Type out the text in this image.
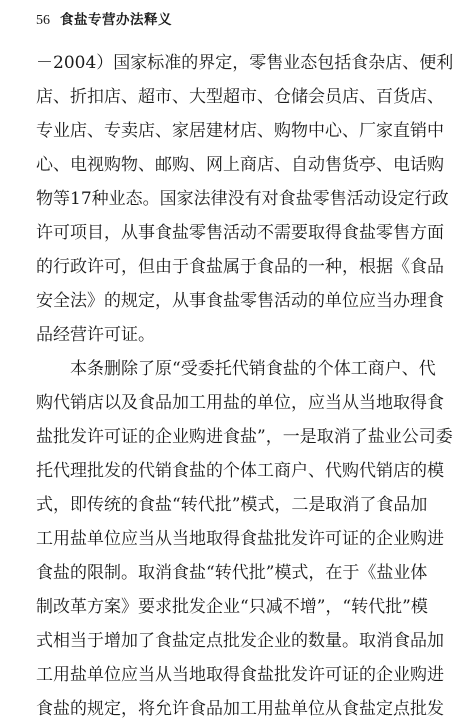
56 食盐专营办法释义
－ 2004 ） 国 家 标 准 的 界 定 ， 零 售 业 态 包 括 食 杂 店 、 便 利
店 、 折 扣 店 、 超 市 、 大 型 超 市 、 仓 储 会 员 店 、 百 货 店 、
专 业 店 、 专 卖 店 、 家 居 建 材 店 、 购 物 中 心 、 厂 家 直 销 中
心 、 电 视 购 物 、 邮 购 、 网 上 商 店 、 自 动 售 货 亭 、 电 话 购
物 等 17 种 业 态 。 国 家 法 律 没 有 对 食 盐 零 售 活 动 设 定 行 政
许 可 项 目 ， 从 事 食 盐 零 售 活 动 不 需 要 取 得 食 盐 零 售 方 面
的 行 政 许 可 ， 但 由 于 食 盐 属 于 食 品 的 一 种 ， 根 据 《 食 品
安 全 法 》 的 规 定 ， 从 事 食 盐 零 售 活 动 的 单 位 应 当 办 理 食
品经营许可证。

本 条 删 除 了 原 “ 受 委 托 代 销 食 盐 的 个 体 工 商 户 、 代
购 代 销 店 以 及 食 品 加 工 用 盐 的 单 位 ， 应 当 从 当 地 取 得 食
盐 批 发 许 可 证 的 企 业 购 进 食 盐 ” ， 一 是 取 消 了 盐 业 公 司 委
托 代 理 批 发 的 代 销 食 盐 的 个 体 工 商 户 、 代 购 代 销 店 的 模
式 ， 即 传 统 的 食 盐 “ 转 代 批 ” 模 式 ， 二 是 取 消 了 食 品 加
工 用 盐 单 位 应 当 从 当 地 取 得 食 盐 批 发 许 可 证 的 企 业 购 进
食 盐 的 限 制 。 取 消 食 盐 “ 转 代 批 ” 模 式 ， 在 于 《 盐 业 体
制 改 革 方 案 》 要 求 批 发 企 业 “ 只 减 不 增 ” ， “ 转 代 批 ” 模
式 相 当 于 增 加 了 食 盐 定 点 批 发 企 业 的 数 量 。 取 消 食 品 加
工 用 盐 单 位 应 当 从 当 地 取 得 食 盐 批 发 许 可 证 的 企 业 购 进
食 盐 的 规 定 ， 将 允 许 食 品 加 工 用 盐 单 位 从 食 盐 定 点 批 发
